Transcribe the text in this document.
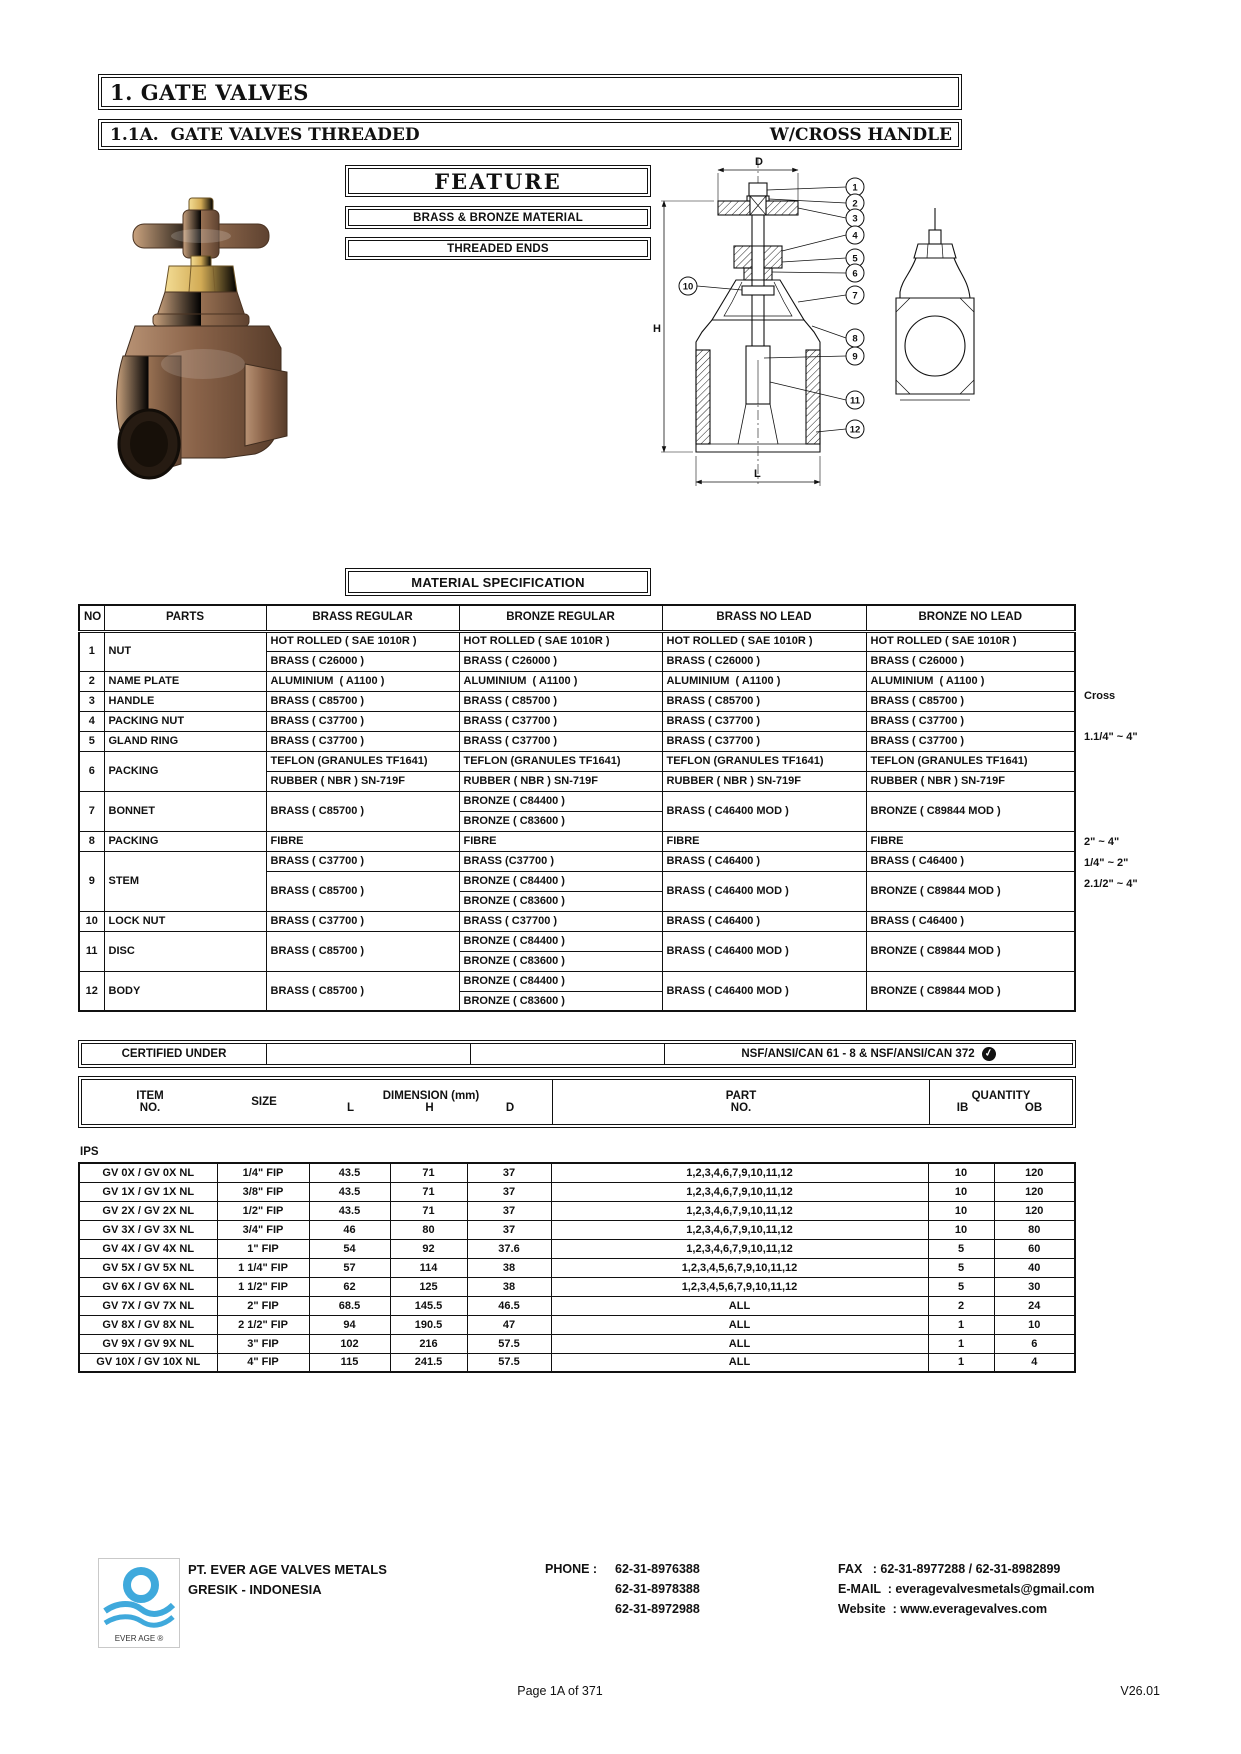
1. GATE VALVES
1.1A.  GATE VALVES THREADED	W/CROSS HANDLE
FEATURE
BRASS & BRONZE MATERIAL
THREADED ENDS
D
H
L
1
2
3
4
5
6
7
8
9
10
11
12
MATERIAL SPECIFICATION
NO	PARTS	BRASS REGULAR	BRONZE REGULAR	BRASS NO LEAD	BRONZE NO LEAD
1	NUT	HOT ROLLED ( SAE 1010R )	HOT ROLLED ( SAE 1010R )	HOT ROLLED ( SAE 1010R )	HOT ROLLED ( SAE 1010R )
		BRASS ( C26000 )	BRASS ( C26000 )	BRASS ( C26000 )	BRASS ( C26000 )
2	NAME PLATE	ALUMINIUM  ( A1100 )	ALUMINIUM  ( A1100 )	ALUMINIUM  ( A1100 )	ALUMINIUM  ( A1100 )
3	HANDLE	BRASS ( C85700 )	BRASS ( C85700 )	BRASS ( C85700 )	BRASS ( C85700 )
4	PACKING NUT	BRASS ( C37700 )	BRASS ( C37700 )	BRASS ( C37700 )	BRASS ( C37700 )
5	GLAND RING	BRASS ( C37700 )	BRASS ( C37700 )	BRASS ( C37700 )	BRASS ( C37700 )
6	PACKING	TEFLON (GRANULES TF1641)	TEFLON (GRANULES TF1641)	TEFLON (GRANULES TF1641)	TEFLON (GRANULES TF1641)
		RUBBER ( NBR ) SN-719F	RUBBER ( NBR ) SN-719F	RUBBER ( NBR ) SN-719F	RUBBER ( NBR ) SN-719F
7	BONNET	BRASS ( C85700 )	BRONZE ( C84400 )	BRASS ( C46400 MOD )	BRONZE ( C89844 MOD )
			BRONZE ( C83600 )		
8	PACKING	FIBRE	FIBRE	FIBRE	FIBRE
9	STEM	BRASS ( C37700 )	BRASS (C37700 )	BRASS ( C46400 )	BRASS ( C46400 )
		BRASS ( C85700 )	BRONZE ( C84400 )	BRASS ( C46400 MOD )	BRONZE ( C89844 MOD )
			BRONZE ( C83600 )		
10	LOCK NUT	BRASS ( C37700 )	BRASS ( C37700 )	BRASS ( C46400 )	BRASS ( C46400 )
11	DISC	BRASS ( C85700 )	BRONZE ( C84400 )	BRASS ( C46400 MOD )	BRONZE ( C89844 MOD )
			BRONZE ( C83600 )		
12	BODY	BRASS ( C85700 )	BRONZE ( C84400 )	BRASS ( C46400 MOD )	BRONZE ( C89844 MOD )
			BRONZE ( C83600 )		
Cross
1.1/4" ~ 4"
2" ~ 4"
1/4" ~ 2"
2.1/2" ~ 4"
CERTIFIED UNDER	NSF/ANSI/CAN 61 - 8 & NSF/ANSI/CAN 372 ✓
ITEM
NO.	SIZE	DIMENSION (mm)
L	H	D
PART
NO.
QUANTITY
IB	OB
IPS
GV 0X / GV 0X NL	1/4" FIP	43.5	71	37	1,2,3,4,6,7,9,10,11,12	10	120
GV 1X / GV 1X NL	3/8" FIP	43.5	71	37	1,2,3,4,6,7,9,10,11,12	10	120
GV 2X / GV 2X NL	1/2" FIP	43.5	71	37	1,2,3,4,6,7,9,10,11,12	10	120
GV 3X / GV 3X NL	3/4" FIP	46	80	37	1,2,3,4,6,7,9,10,11,12	10	80
GV 4X / GV 4X NL	1" FIP	54	92	37.6	1,2,3,4,6,7,9,10,11,12	5	60
GV 5X / GV 5X NL	1 1/4" FIP	57	114	38	1,2,3,4,5,6,7,9,10,11,12	5	40
GV 6X / GV 6X NL	1 1/2" FIP	62	125	38	1,2,3,4,5,6,7,9,10,11,12	5	30
GV 7X / GV 7X NL	2" FIP	68.5	145.5	46.5	ALL	2	24
GV 8X / GV 8X NL	2 1/2" FIP	94	190.5	47	ALL	1	10
GV 9X / GV 9X NL	3" FIP	102	216	57.5	ALL	1	6
GV 10X / GV 10X NL	4" FIP	115	241.5	57.5	ALL	1	4
EVER AGE ®
PT. EVER AGE VALVES METALS
GRESIK - INDONESIA
PHONE : 62-31-8976388
62-31-8978388
62-31-8972988
FAX   : 62-31-8977288 / 62-31-8982899
E-MAIL  : everagevalvesmetals@gmail.com
Website  : www.everagevalves.com
Page 1A of 371	V26.01
